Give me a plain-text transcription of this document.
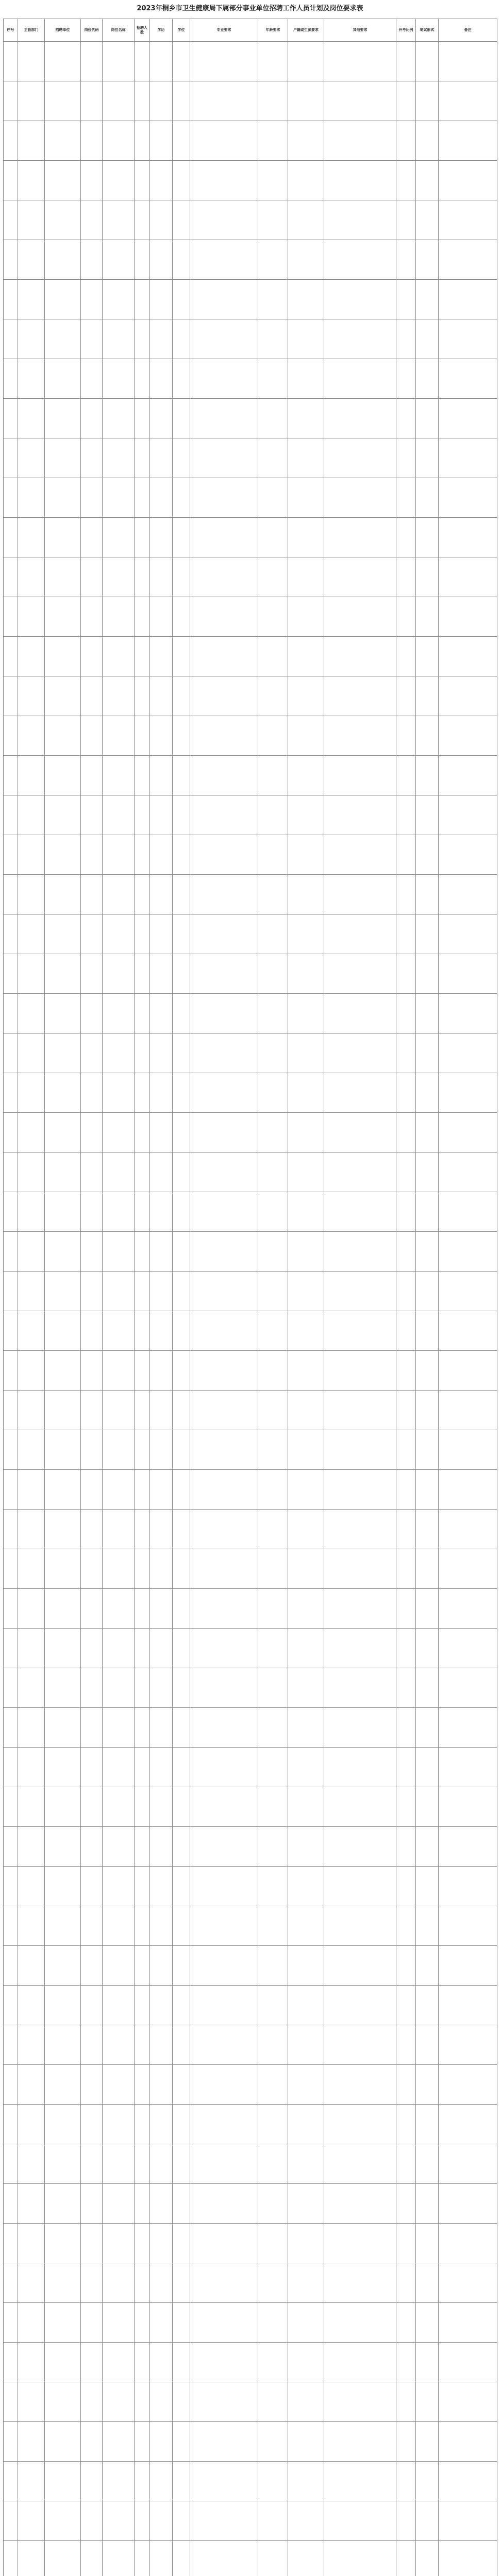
2023年桐乡市卫生健康局下属部分事业单位招聘工作人员计划及岗位要求表
序号	主管部门	招聘单位	岗位代码	岗位名称	招聘人数	学历	学位	专业要求	年龄要求	户籍或生源要求	其他要求	开考比例	笔试形式	备注
